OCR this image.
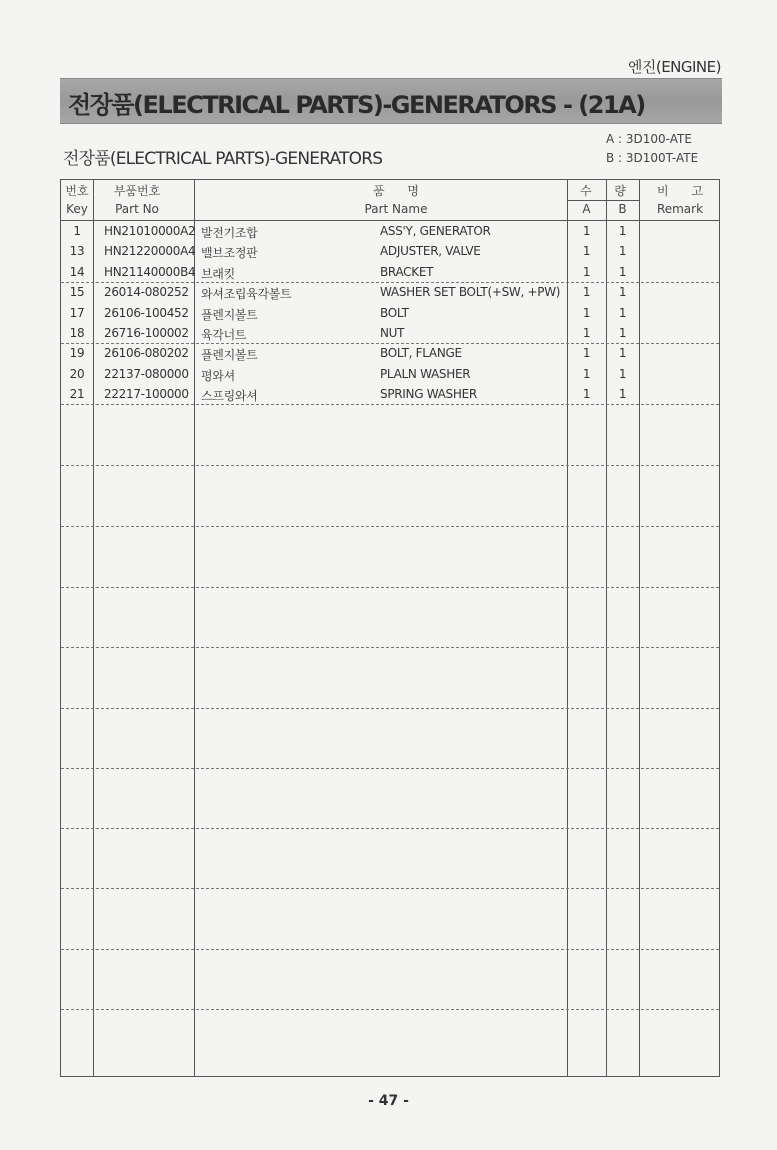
엔진(ENGINE)
전장품(ELECTRICAL PARTS)-GENERATORS - (21A)
전장품(ELECTRICAL PARTS)-GENERATORS
A : 3D100-ATE
B : 3D100T-ATE
번호
Key
부품번호
Part No
품      명
Part Name
수      량
A	B
비      고
Remark
1	HN21010000A2 발전기조합	ASS'Y, GENERATOR	1	1
13	HN21220000A4 밸브조정판	ADJUSTER, VALVE	1	1
14	HN21140000B4 브래킷	BRACKET	1	1
15	26014-080252	와셔조립육각볼트	WASHER SET BOLT(+SW, +PW)	1	1
17	26106-100452	플렌지볼트	BOLT	1	1
18	26716-100002	육각너트	NUT	1	1
19	26106-080202	플렌지볼트	BOLT, FLANGE	1	1
20	22137-080000	평와셔	PLALN WASHER	1	1
21	22217-100000	스프링와셔	SPRING WASHER	1	1
- 47 -
